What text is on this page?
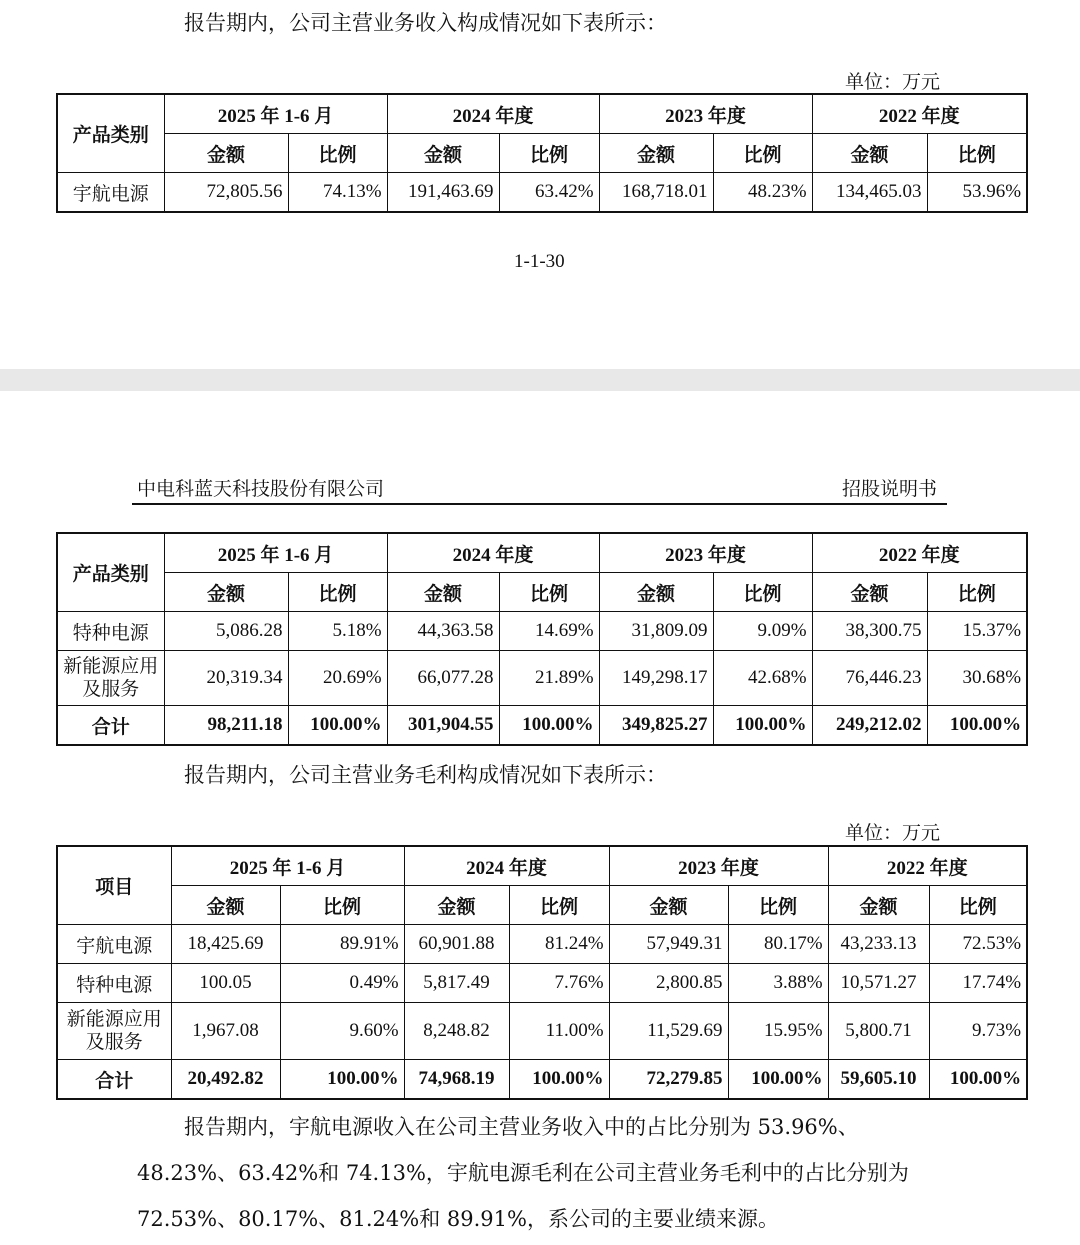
报告期内，公司主营业务收入构成情况如下表所示：
单位：万元
产品类别	2025 年 1-6 月		2024 年度		2023 年度		2022 年度	
	金额	比例	金额	比例	金额	比例	金额	比例
宇航电源	72,805.56	74.13%	191,463.69	63.42%	168,718.01	48.23%	134,465.03	53.96%
1-1-30
中电科蓝天科技股份有限公司	招股说明书
产品类别	2025 年 1-6 月		2024 年度		2023 年度		2022 年度	
	金额	比例	金额	比例	金额	比例	金额	比例
特种电源	5,086.28	5.18%	44,363.58	14.69%	31,809.09	9.09%	38,300.75	15.37%
新能源应用及服务	20,319.34	20.69%	66,077.28	21.89%	149,298.17	42.68%	76,446.23	30.68%
合计	98,211.18	100.00%	301,904.55	100.00%	349,825.27	100.00%	249,212.02	100.00%
报告期内，公司主营业务毛利构成情况如下表所示：
单位：万元
项目	2025 年 1-6 月		2024 年度		2023 年度		2022 年度	
	金额	比例	金额	比例	金额	比例	金额	比例
宇航电源	18,425.69	89.91%	60,901.88	81.24%	57,949.31	80.17%	43,233.13	72.53%
特种电源	100.05	0.49%	5,817.49	7.76%	2,800.85	3.88%	10,571.27	17.74%
新能源应用及服务	1,967.08	9.60%	8,248.82	11.00%	11,529.69	15.95%	5,800.71	9.73%
合计	20,492.82	100.00%	74,968.19	100.00%	72,279.85	100.00%	59,605.10	100.00%
报告期内，宇航电源收入在公司主营业务收入中的占比分别为 53.96%、
48.23%、63.42%和 74.13%，宇航电源毛利在公司主营业务毛利中的占比分别为
72.53%、80.17%、81.24%和 89.91%，系公司的主要业绩来源。
